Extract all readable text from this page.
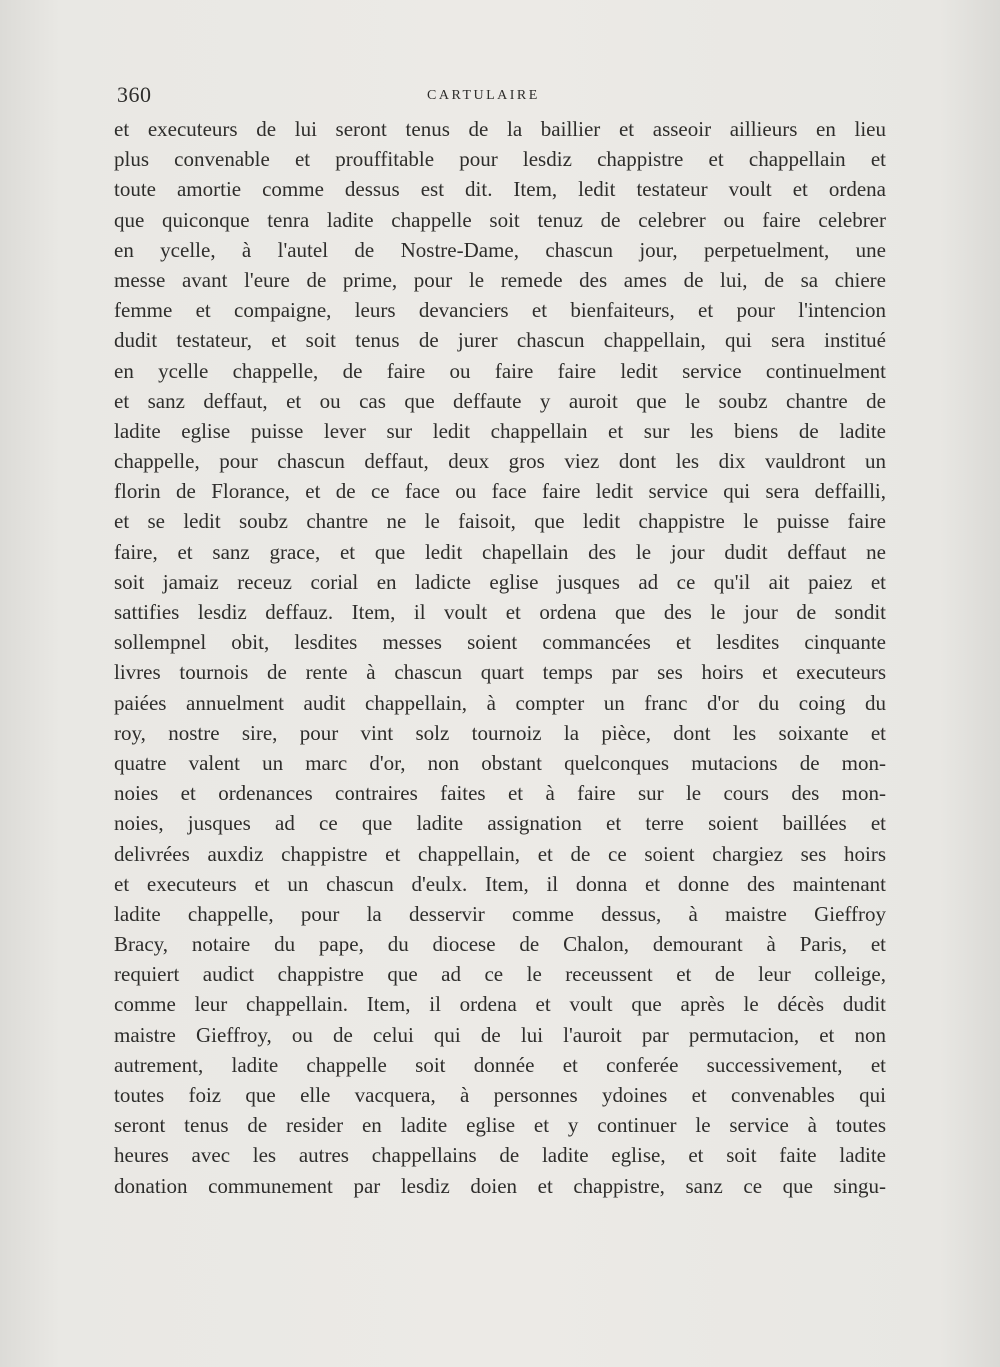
360	CARTULAIRE
et executeurs de lui seront tenus de la baillier et asseoir aillieurs en lieu
plus convenable et prouffitable pour lesdiz chappistre et chappellain et
toute amortie comme dessus est dit. Item, ledit testateur voult et ordena
que quiconque tenra ladite chappelle soit tenuz de celebrer ou faire celebrer
en ycelle, à l'autel de Nostre-Dame, chascun jour, perpetuelment, une
messe avant l'eure de prime, pour le remede des ames de lui, de sa chiere
femme et compaigne, leurs devanciers et bienfaiteurs, et pour l'intencion
dudit testateur, et soit tenus de jurer chascun chappellain, qui sera institué
en ycelle chappelle, de faire ou faire faire ledit service continuelment
et sanz deffaut, et ou cas que deffaute y auroit que le soubz chantre de
ladite eglise puisse lever sur ledit chappellain et sur les biens de ladite
chappelle, pour chascun deffaut, deux gros viez dont les dix vauldront un
florin de Florance, et de ce face ou face faire ledit service qui sera deffailli,
et se ledit soubz chantre ne le faisoit, que ledit chappistre le puisse faire
faire, et sanz grace, et que ledit chapellain des le jour dudit deffaut ne
soit jamaiz receuz corial en ladicte eglise jusques ad ce qu'il ait paiez et
sattifies lesdiz deffauz. Item, il voult et ordena que des le jour de sondit
sollempnel obit, lesdites messes soient commancées et lesdites cinquante
livres tournois de rente à chascun quart temps par ses hoirs et executeurs
paiées annuelment audit chappellain, à compter un franc d'or du coing du
roy, nostre sire, pour vint solz tournoiz la pièce, dont les soixante et
quatre valent un marc d'or, non obstant quelconques mutacions de mon-
noies et ordenances contraires faites et à faire sur le cours des mon-
noies, jusques ad ce que ladite assignation et terre soient baillées et
delivrées auxdiz chappistre et chappellain, et de ce soient chargiez ses hoirs
et executeurs et un chascun d'eulx. Item, il donna et donne des maintenant
ladite chappelle, pour la desservir comme dessus, à maistre Gieffroy
Bracy, notaire du pape, du diocese de Chalon, demourant à Paris, et
requiert audict chappistre que ad ce le receussent et de leur colleige,
comme leur chappellain. Item, il ordena et voult que après le décès dudit
maistre Gieffroy, ou de celui qui de lui l'auroit par permutacion, et non
autrement, ladite chappelle soit donnée et conferée successivement, et
toutes foiz que elle vacquera, à personnes ydoines et convenables qui
seront tenus de resider en ladite eglise et y continuer le service à toutes
heures avec les autres chappellains de ladite eglise, et soit faite ladite
donation communement par lesdiz doien et chappistre, sanz ce que singu-
